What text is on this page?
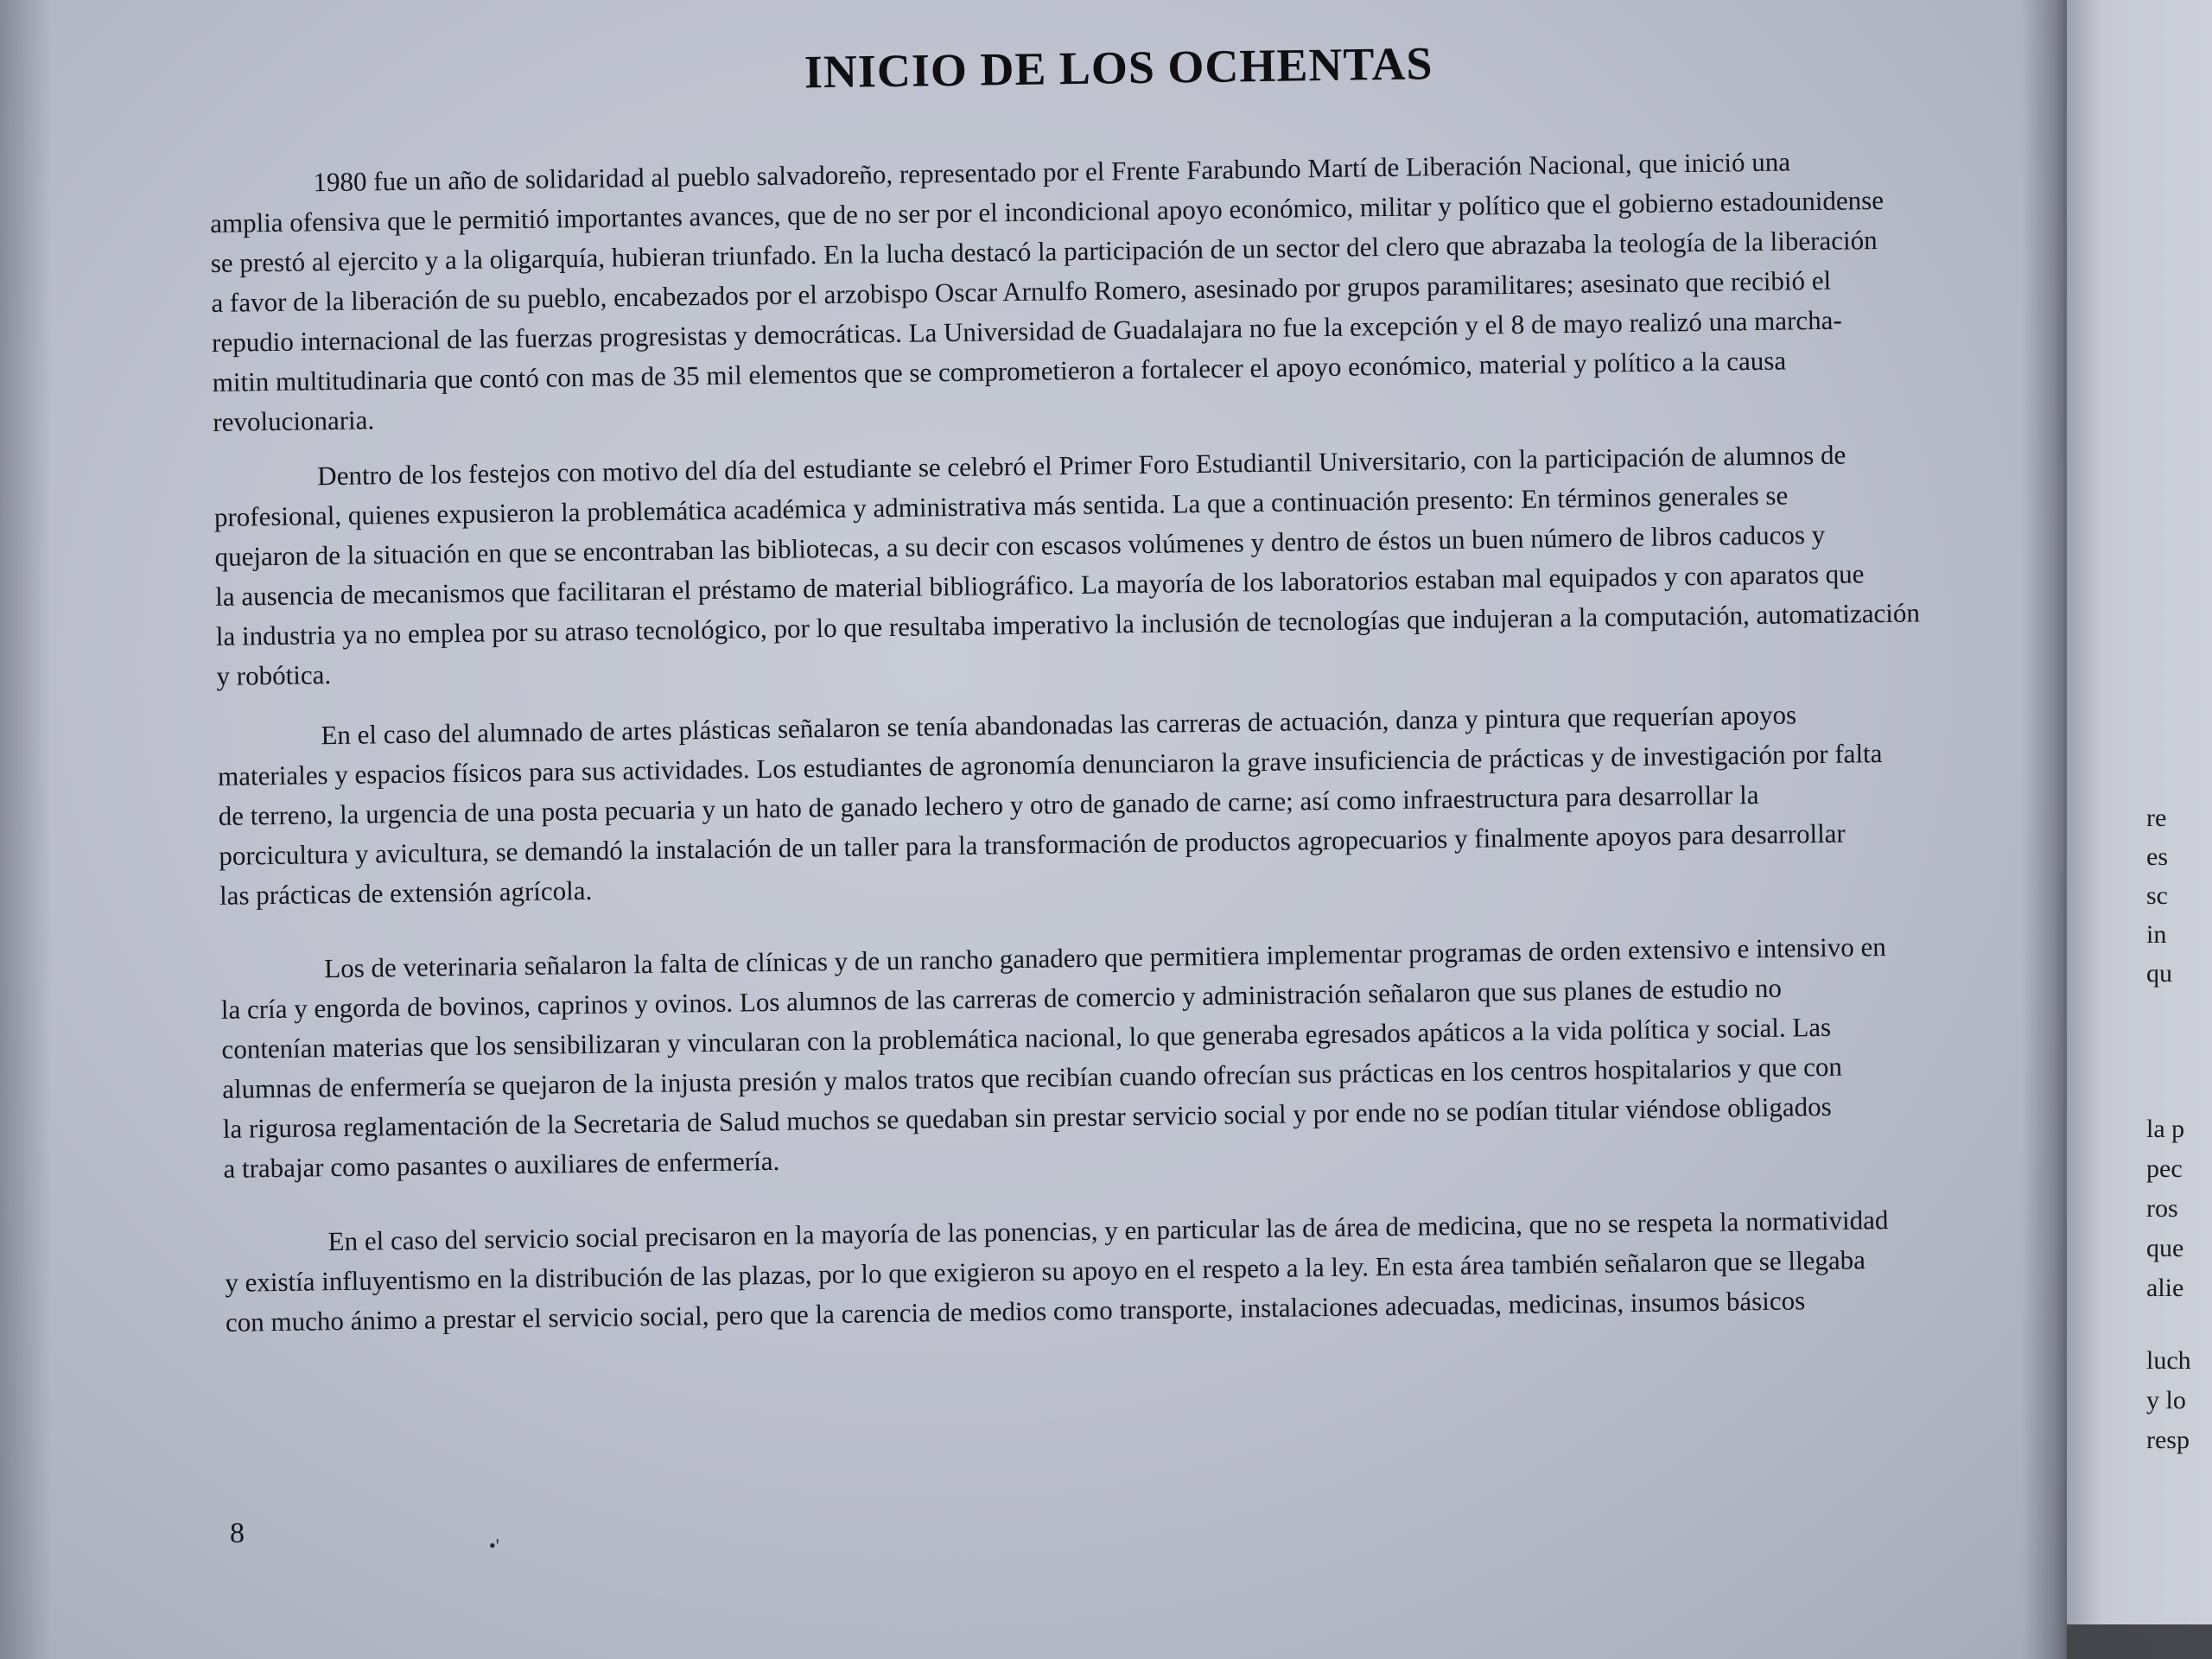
INICIO DE LOS OCHENTAS
1980 fue un año de solidaridad al pueblo salvadoreño, representado por el Frente Farabundo Martí de Liberación Nacional, que inició una
amplia ofensiva que le permitió importantes avances, que de no ser por el incondicional apoyo económico, militar y político que el gobierno estadounidense
se prestó al ejercito y a la oligarquía, hubieran triunfado. En la lucha destacó la participación de un sector del clero que abrazaba la teología de la liberación
a favor de la liberación de su pueblo, encabezados por el arzobispo Oscar Arnulfo Romero, asesinado por grupos paramilitares; asesinato que recibió el
repudio internacional de las fuerzas progresistas y democráticas. La Universidad de Guadalajara no fue la excepción y el 8 de mayo realizó una marcha-
mitin multitudinaria que contó con mas de 35 mil elementos que se comprometieron a fortalecer el apoyo económico, material y político a la causa
revolucionaria.
Dentro de los festejos con motivo del día del estudiante se celebró el Primer Foro Estudiantil Universitario, con la participación de alumnos de
profesional, quienes expusieron la problemática académica y administrativa más sentida. La que a continuación presento: En términos generales se
quejaron de la situación en que se encontraban las bibliotecas, a su decir con escasos volúmenes y dentro de éstos un buen número de libros caducos y
la ausencia de mecanismos que facilitaran el préstamo de material bibliográfico. La mayoría de los laboratorios estaban mal equipados y con aparatos que
la industria ya no emplea por su atraso tecnológico, por lo que resultaba imperativo la inclusión de tecnologías que indujeran a la computación, automatización
y robótica.
En el caso del alumnado de artes plásticas señalaron se tenía abandonadas las carreras de actuación, danza y pintura que requerían apoyos
materiales y espacios físicos para sus actividades. Los estudiantes de agronomía denunciaron la grave insuficiencia de prácticas y de investigación por falta
de terreno, la urgencia de una posta pecuaria y un hato de ganado lechero y otro de ganado de carne; así como infraestructura para desarrollar la
porcicultura y avicultura, se demandó la instalación de un taller para la transformación de productos agropecuarios y finalmente apoyos para desarrollar
las prácticas de extensión agrícola.
Los de veterinaria señalaron la falta de clínicas y de un rancho ganadero que permitiera implementar programas de orden extensivo e intensivo en
la cría y engorda de bovinos, caprinos y ovinos. Los alumnos de las carreras de comercio y administración señalaron que sus planes de estudio no
contenían materias que los sensibilizaran y vincularan con la problemática nacional, lo que generaba egresados apáticos a la vida política y social. Las
alumnas de enfermería se quejaron de la injusta presión y malos tratos que recibían cuando ofrecían sus prácticas en los centros hospitalarios y que con
la rigurosa reglamentación de la Secretaria de Salud muchos se quedaban sin prestar servicio social y por ende no se podían titular viéndose obligados
a trabajar como pasantes o auxiliares de enfermería.
En el caso del servicio social precisaron en la mayoría de las ponencias, y en particular las de área de medicina, que no se respeta la normatividad
y existía influyentismo en la distribución de las plazas, por lo que exigieron su apoyo en el respeto a la ley. En esta área también señalaron que se llegaba
con mucho ánimo a prestar el servicio social, pero que la carencia de medios como transporte, instalaciones adecuadas, medicinas, insumos básicos
8	•'
re
es
sc
in
qu
la p
pec
ros
que
alie
luch
y lo
resp
